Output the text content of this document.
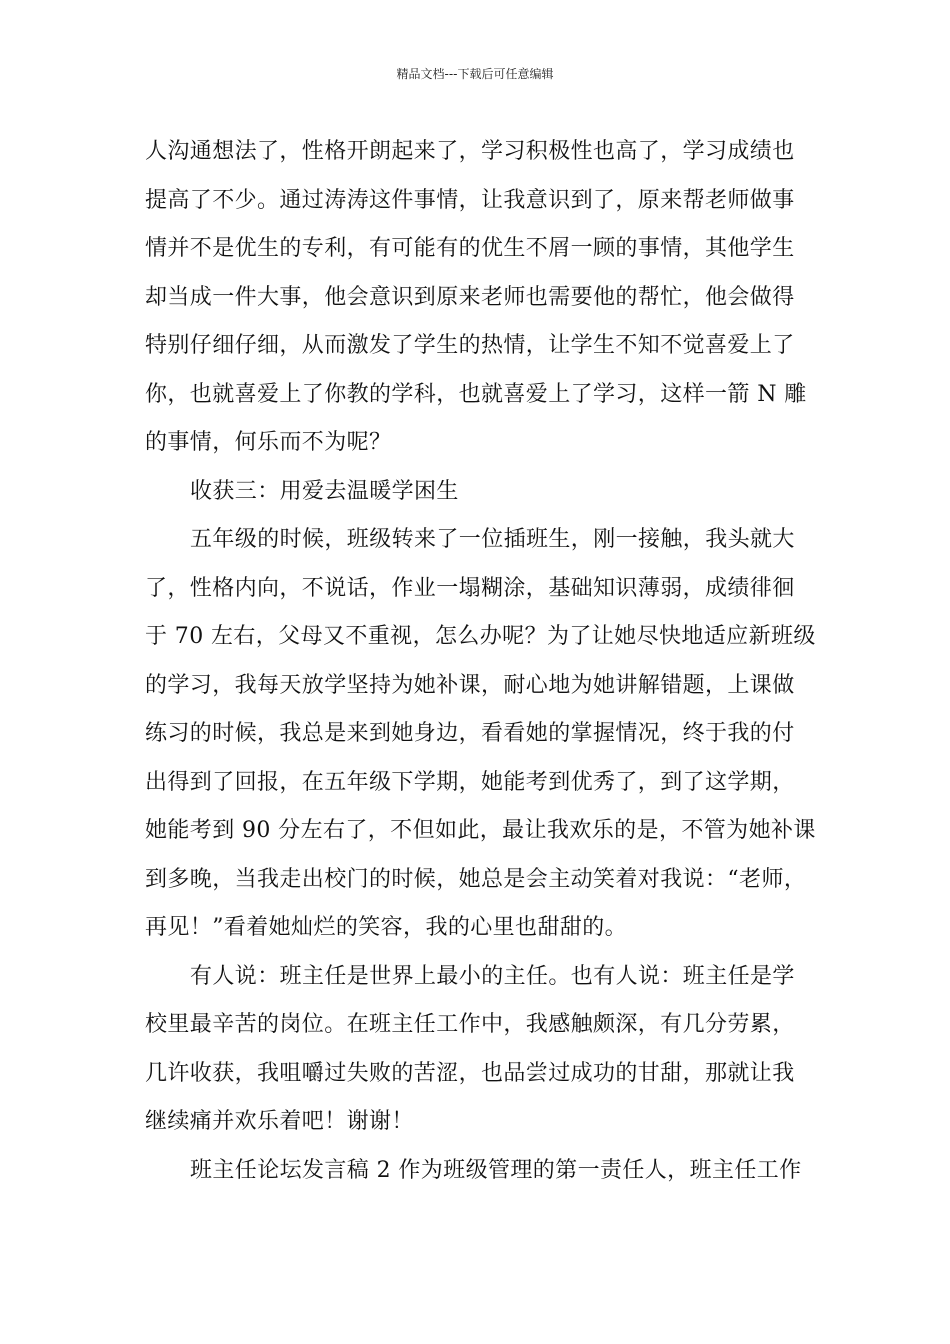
精品文档---下载后可任意编辑
人沟通想法了，性格开朗起来了，学习积极性也高了，学习成绩也
提高了不少。通过涛涛这件事情，让我意识到了，原来帮老师做事
情并不是优生的专利，有可能有的优生不屑一顾的事情，其他学生
却当成一件大事，他会意识到原来老师也需要他的帮忙，他会做得
特别仔细仔细，从而激发了学生的热情，让学生不知不觉喜爱上了
你，也就喜爱上了你教的学科，也就喜爱上了学习，这样一箭 N 雕
的事情，何乐而不为呢？
收获三：用爱去温暖学困生
五年级的时候，班级转来了一位插班生，刚一接触，我头就大
了，性格内向，不说话，作业一塌糊涂，基础知识薄弱，成绩徘徊
于 70 左右，父母又不重视，怎么办呢？为了让她尽快地适应新班级
的学习，我每天放学坚持为她补课，耐心地为她讲解错题，上课做
练习的时候，我总是来到她身边，看看她的掌握情况，终于我的付
出得到了回报，在五年级下学期，她能考到优秀了，到了这学期，
她能考到 90 分左右了，不但如此，最让我欢乐的是，不管为她补课
到多晚，当我走出校门的时候，她总是会主动笑着对我说：“老师，
再见！”看着她灿烂的笑容，我的心里也甜甜的。
有人说：班主任是世界上最小的主任。也有人说：班主任是学
校里最辛苦的岗位。在班主任工作中，我感触颇深，有几分劳累，
几许收获，我咀嚼过失败的苦涩，也品尝过成功的甘甜，那就让我
继续痛并欢乐着吧！谢谢！
班主任论坛发言稿 2 作为班级管理的第一责任人，班主任工作
